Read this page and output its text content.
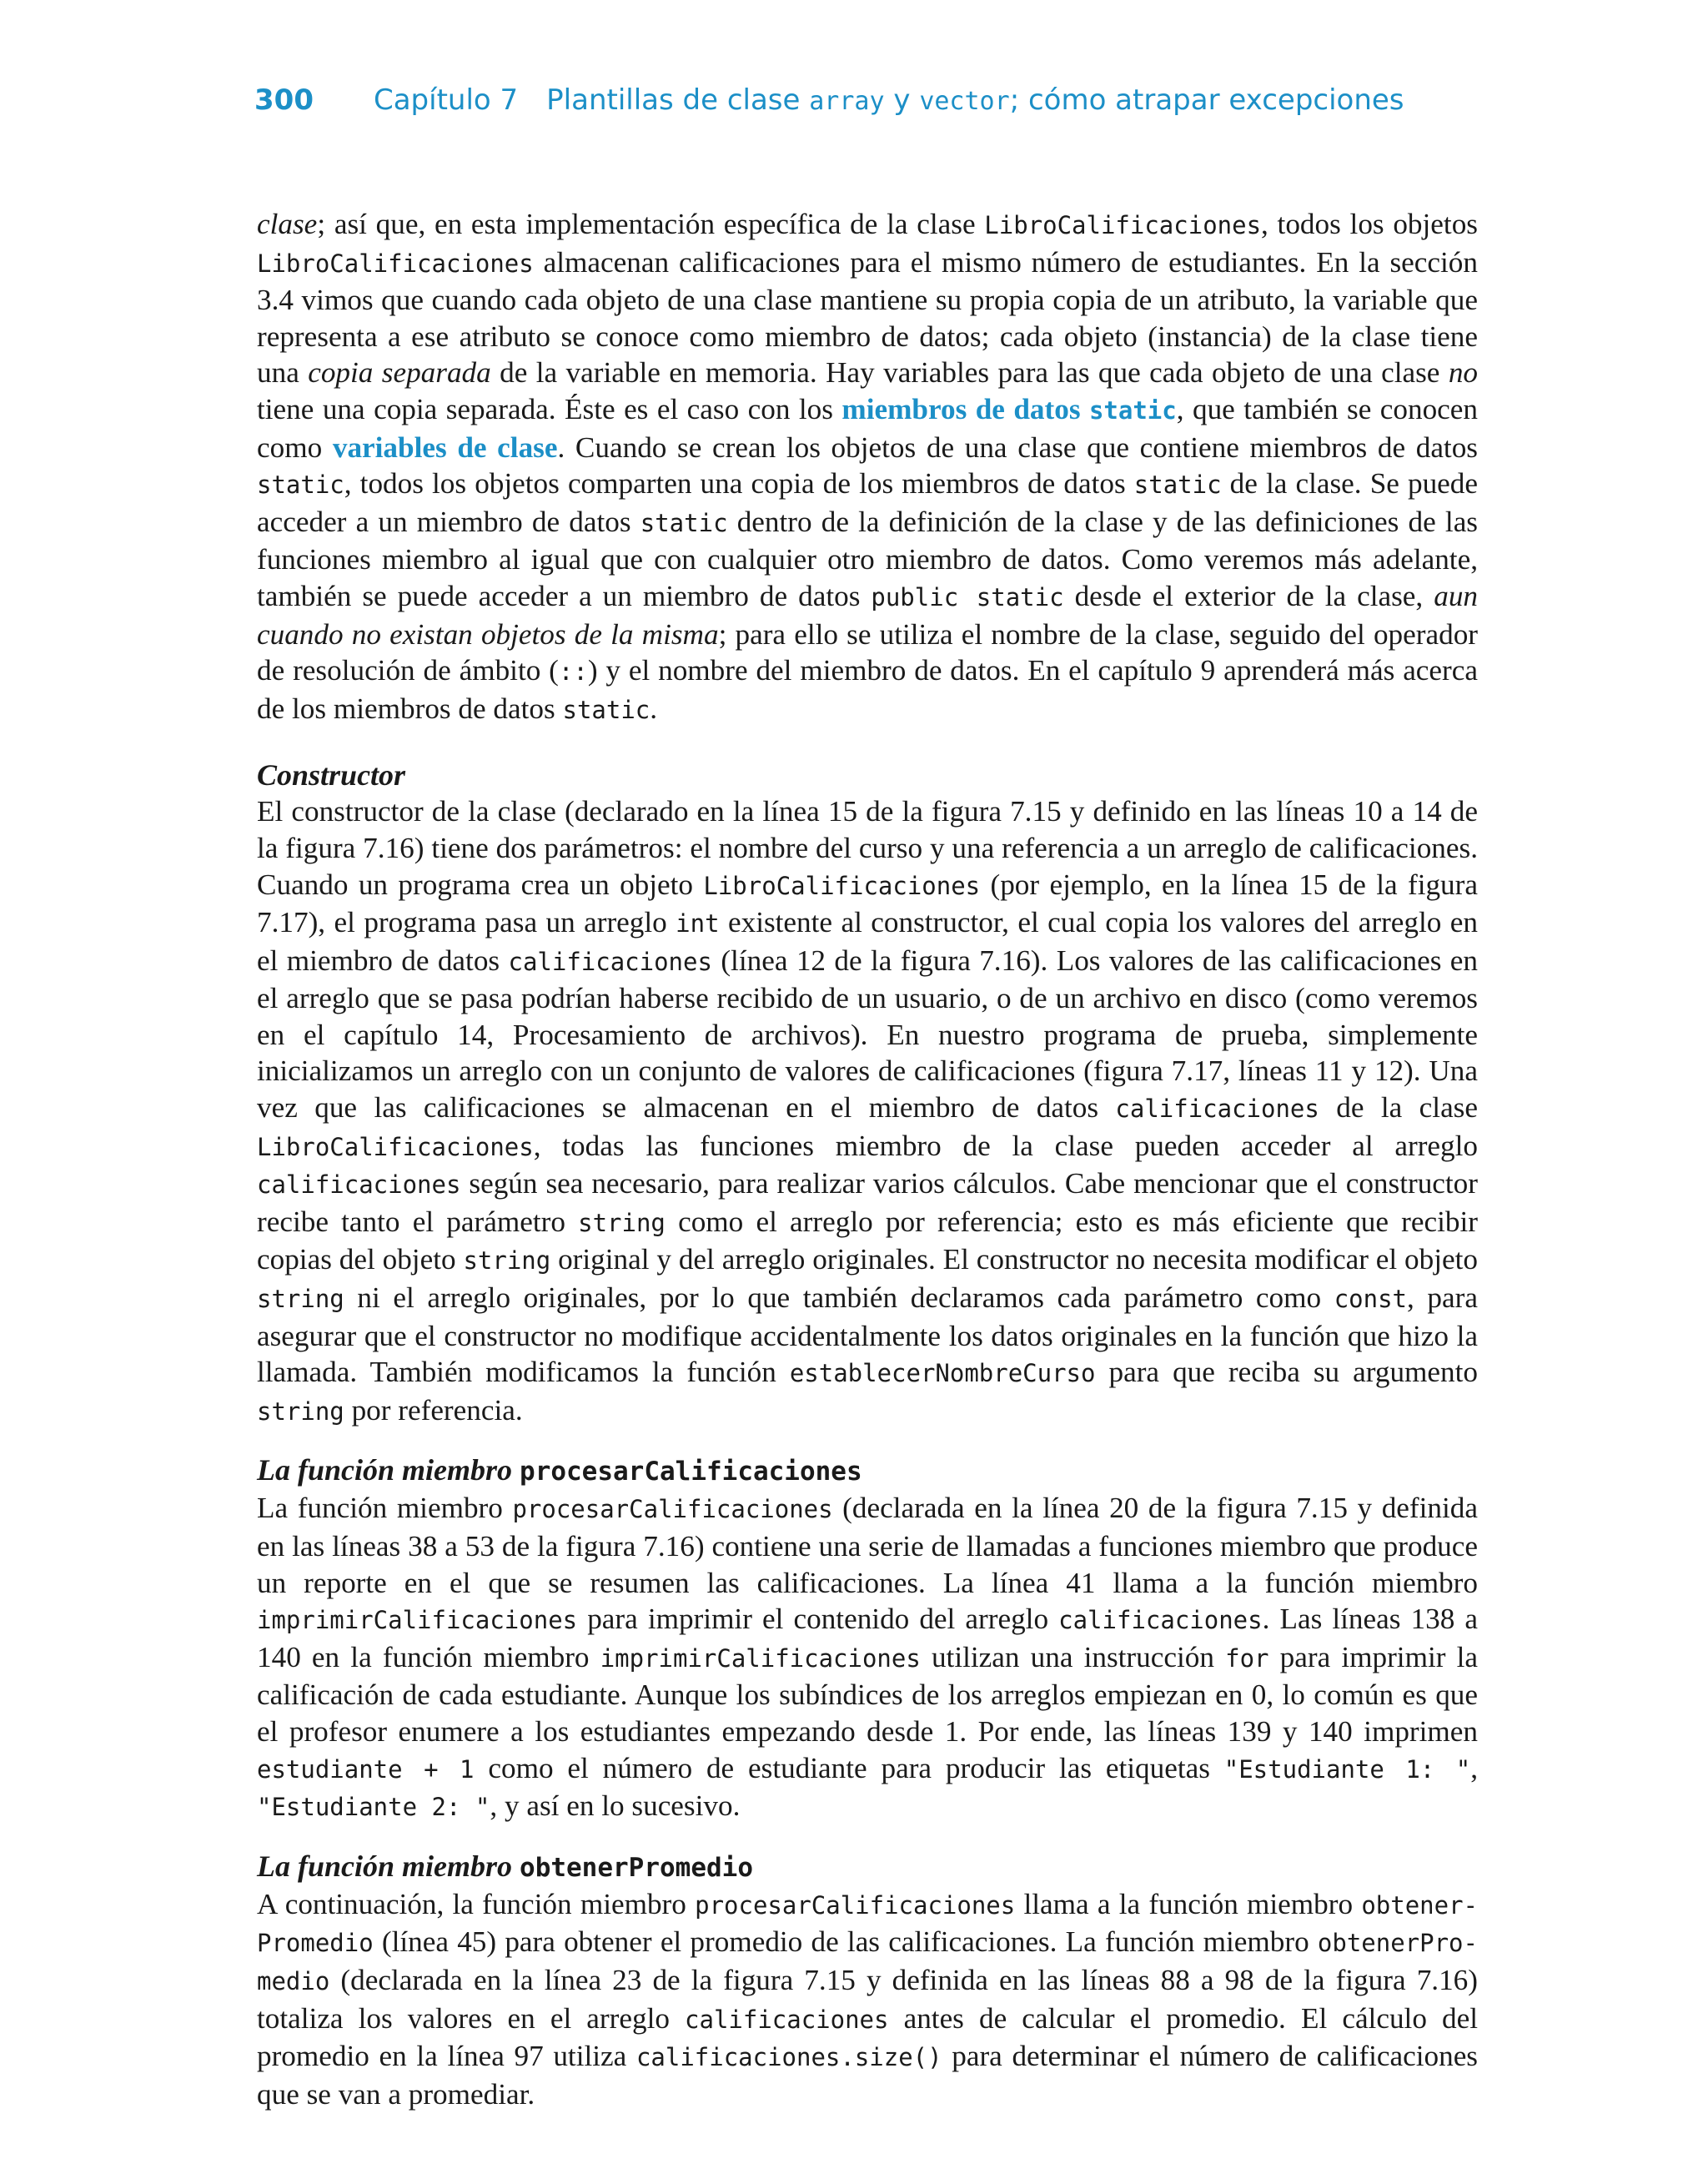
300 Capítulo 7 Plantillas de clase array y vector; cómo atrapar excepciones

clase; así que, en esta implementación específica de la clase LibroCalificaciones, todos los objetos LibroCalificaciones almacenan calificaciones para el mismo número de estudiantes. En la sección 3.4 vimos que cuando cada objeto de una clase mantiene su propia copia de un atributo, la variable que representa a ese atributo se conoce como miembro de datos; cada objeto (instancia) de la clase tiene una copia separada de la variable en memoria. Hay variables para las que cada objeto de una clase no tiene una copia separada. Éste es el caso con los miembros de datos static, que también se conocen como variables de clase. Cuando se crean los objetos de una clase que contiene miembros de datos static, todos los objetos comparten una copia de los miembros de datos static de la clase. Se puede acceder a un miembro de datos static dentro de la definición de la clase y de las definiciones de las funciones miembro al igual que con cualquier otro miembro de datos. Como veremos más adelante, también se puede acceder a un miembro de datos public static desde el exterior de la clase, aun cuando no existan objetos de la misma; para ello se utiliza el nombre de la clase, seguido del operador de resolución de ámbito (::) y el nombre del miembro de datos. En el capítulo 9 aprenderá más acerca de los miembros de datos static.

Constructor

El constructor de la clase (declarado en la línea 15 de la figura 7.15 y definido en las líneas 10 a 14 de la figura 7.16) tiene dos parámetros: el nombre del curso y una referencia a un arreglo de calificaciones. Cuando un programa crea un objeto LibroCalificaciones (por ejemplo, en la línea 15 de la figura 7.17), el programa pasa un arreglo int existente al constructor, el cual copia los valores del arreglo en el miembro de datos calificaciones (línea 12 de la figura 7.16). Los valores de las calificaciones en el arreglo que se pasa podrían haberse recibido de un usuario, o de un archivo en disco (como veremos en el capítulo 14, Procesamiento de archivos). En nuestro programa de prueba, simplemente inicializamos un arreglo con un conjunto de valores de calificaciones (figura 7.17, líneas 11 y 12). Una vez que las calificaciones se almacenan en el miembro de datos calificaciones de la clase LibroCalificaciones, todas las funciones miembro de la clase pueden acceder al arreglo calificaciones según sea necesario, para realizar varios cálculos. Cabe mencionar que el constructor recibe tanto el parámetro string como el arreglo por referencia; esto es más eficiente que recibir copias del objeto string original y del arreglo originales. El constructor no necesita modificar el objeto string ni el arreglo originales, por lo que también declaramos cada parámetro como const, para asegurar que el constructor no modifique accidentalmente los datos originales en la función que hizo la llamada. También modificamos la función establecerNombreCurso para que reciba su argumento string por referencia.

La función miembro procesarCalificaciones

La función miembro procesarCalificaciones (declarada en la línea 20 de la figura 7.15 y definida en las líneas 38 a 53 de la figura 7.16) contiene una serie de llamadas a funciones miembro que produce un reporte en el que se resumen las calificaciones. La línea 41 llama a la función miembro imprimirCalificaciones para imprimir el contenido del arreglo calificaciones. Las líneas 138 a 140 en la función miembro imprimirCalificaciones utilizan una instrucción for para imprimir la calificación de cada estudiante. Aunque los subíndices de los arreglos empiezan en 0, lo común es que el profesor enumere a los estudiantes empezando desde 1. Por ende, las líneas 139 y 140 imprimen estudiante + 1 como el número de estudiante para producir las etiquetas "Estudiante 1: ", "Estudiante 2: ", y así en lo sucesivo.

La función miembro obtenerPromedio

A continuación, la función miembro procesarCalificaciones llama a la función miembro obtenerPromedio (línea 45) para obtener el promedio de las calificaciones. La función miembro obtenerPromedio (declarada en la línea 23 de la figura 7.15 y definida en las líneas 88 a 98 de la figura 7.16) totaliza los valores en el arreglo calificaciones antes de calcular el promedio. El cálculo del promedio en la línea 97 utiliza calificaciones.size() para determinar el número de calificaciones que se van a promediar.
